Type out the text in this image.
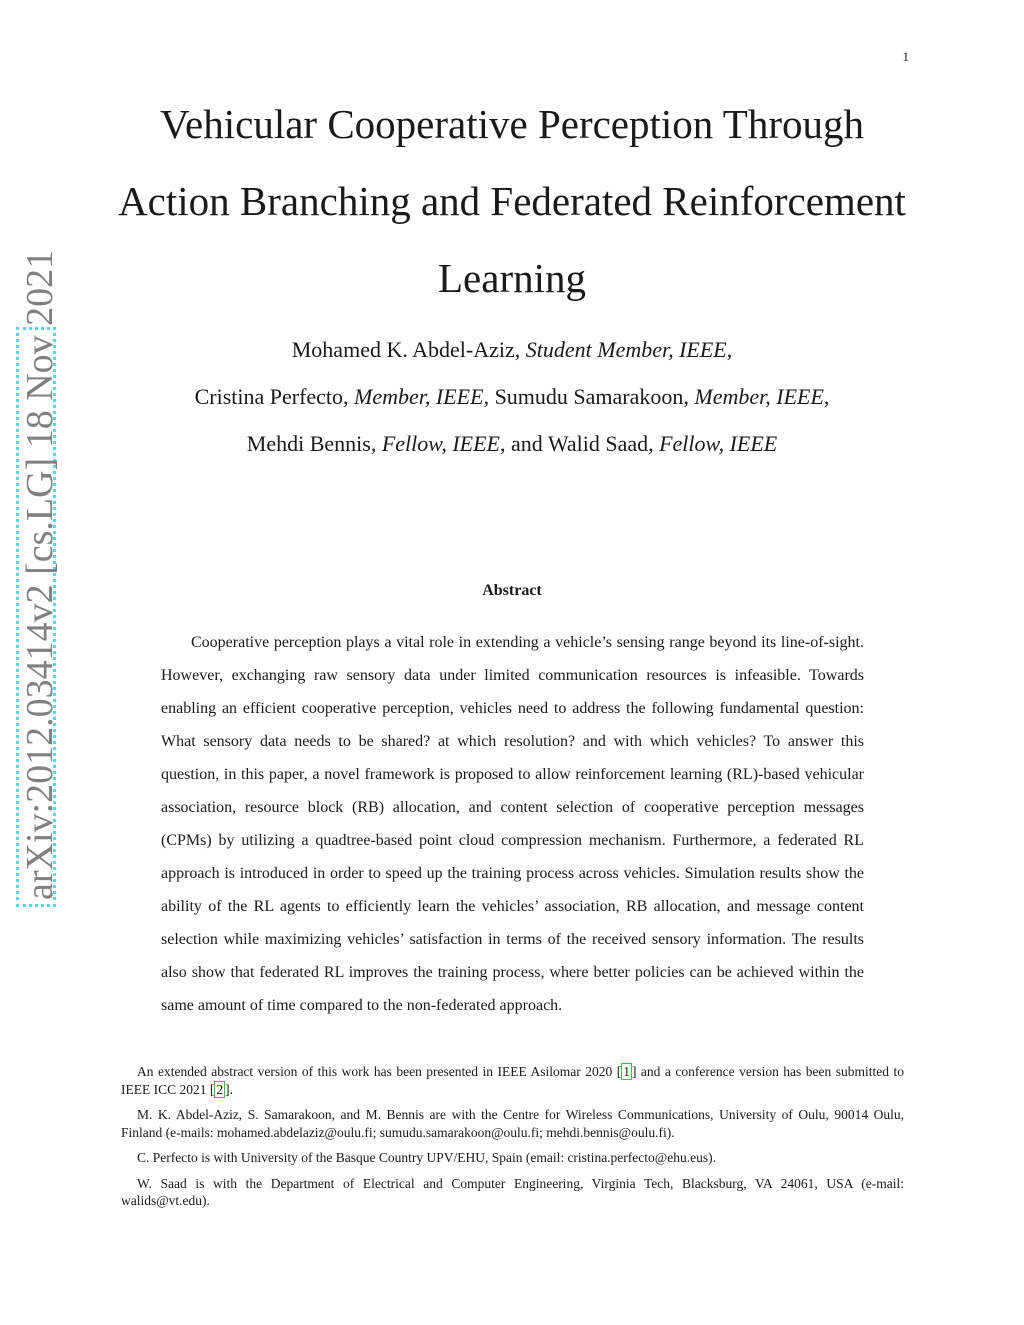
1
arXiv:2012.03414v2 [cs.LG] 18 Nov 2021
Vehicular Cooperative Perception Through
Action Branching and Federated Reinforcement
Learning
Mohamed K. Abdel-Aziz, Student Member, IEEE,
Cristina Perfecto, Member, IEEE, Sumudu Samarakoon, Member, IEEE,
Mehdi Bennis, Fellow, IEEE, and Walid Saad, Fellow, IEEE
Abstract

Cooperative perception plays a vital role in extending a vehicle’s sensing range beyond its line-of-sight. However, exchanging raw sensory data under limited communication resources is infeasible. Towards enabling an efficient cooperative perception, vehicles need to address the following fundamental question: What sensory data needs to be shared? at which resolution? and with which vehicles? To answer this question, in this paper, a novel framework is proposed to allow reinforcement learning (RL)-based vehicular association, resource block (RB) allocation, and content selection of cooperative perception messages (CPMs) by utilizing a quadtree-based point cloud compression mechanism. Furthermore, a federated RL approach is introduced in order to speed up the training process across vehicles. Simulation results show the ability of the RL agents to efficiently learn the vehicles’ association, RB allocation, and message content selection while maximizing vehicles’ satisfaction in terms of the received sensory information. The results also show that federated RL improves the training process, where better policies can be achieved within the same amount of time compared to the non-federated approach.

An extended abstract version of this work has been presented in IEEE Asilomar 2020 [ 1 ] and a conference version has been submitted to IEEE ICC 2021 [ 2 ].

M. K. Abdel-Aziz, S. Samarakoon, and M. Bennis are with the Centre for Wireless Communications, University of Oulu, 90014 Oulu, Finland (e-mails: mohamed.abdelaziz@oulu.fi; sumudu.samarakoon@oulu.fi; mehdi.bennis@oulu.fi).

C. Perfecto is with University of the Basque Country UPV/EHU, Spain (email: cristina.perfecto@ehu.eus).

W. Saad is with the Department of Electrical and Computer Engineering, Virginia Tech, Blacksburg, VA 24061, USA (e-mail: walids@vt.edu).
